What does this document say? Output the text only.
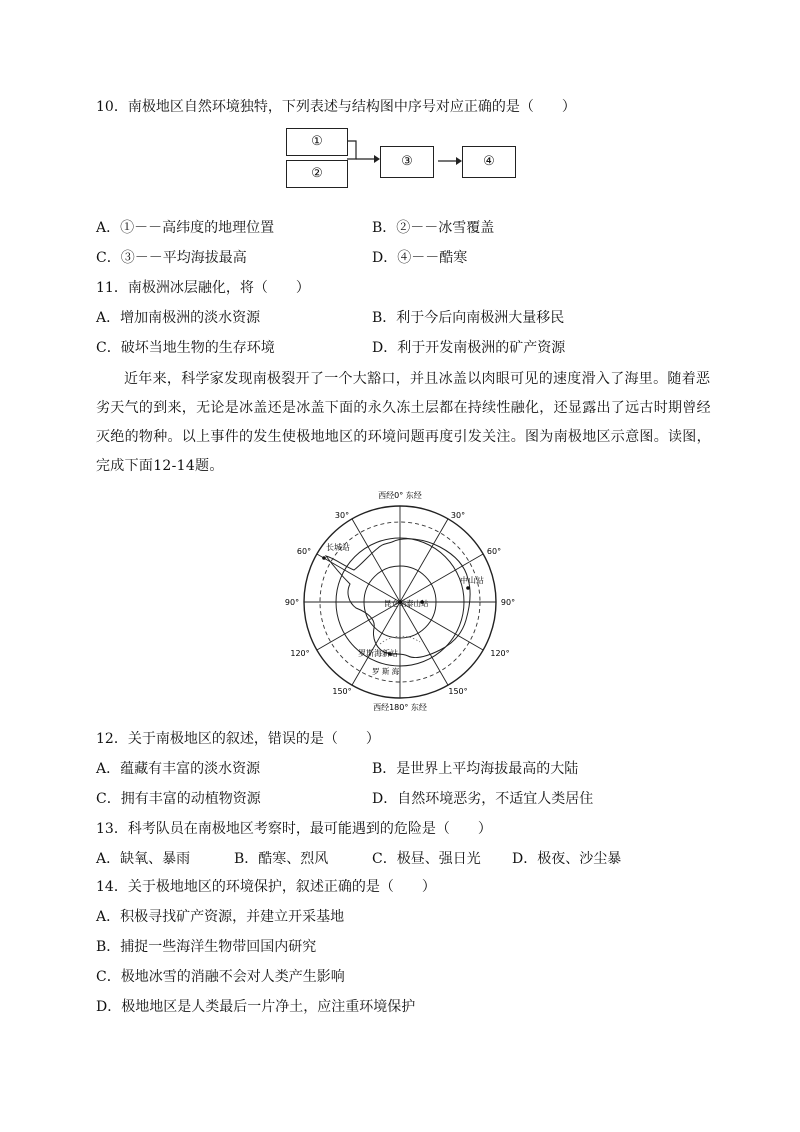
10．南极地区自然环境独特，下列表述与结构图中序号对应正确的是（　　）
①
②
③	④
A．①－－高纬度的地理位置	B．②－－冰雪覆盖
C．③－－平均海拔最高	D．④－－酷寒
11．南极洲冰层融化，将（　　）
A．增加南极洲的淡水资源	B．利于今后向南极洲大量移民
C．破坏当地生物的生存环境	D．利于开发南极洲的矿产资源
近年来，科学家发现南极裂开了一个大豁口，并且冰盖以肉眼可见的速度滑入了海里。随着恶劣天气的到来，无论是冰盖还是冰盖下面的永久冻土层都在持续性融化，还显露出了远古时期曾经灭绝的物种。以上事件的发生使极地地区的环境问题再度引发关注。图为南极地区示意图。读图，完成下面12-14题。
西经0° 东经
西经180° 东经
30°	30°
60°	60°
90°	90°
120°	120°
150°	150°
长城站
中山站
昆仑站 泰山站
罗斯海新站
罗 斯 海
12．关于南极地区的叙述，错误的是（　　）
A．蕴藏有丰富的淡水资源	B．是世界上平均海拔最高的大陆
C．拥有丰富的动植物资源	D．自然环境恶劣，不适宜人类居住
13．科考队员在南极地区考察时，最可能遇到的危险是（　　）
A．缺氧、暴雨	B．酷寒、烈风	C．极昼、强日光 D．极夜、沙尘暴
14．关于极地地区的环境保护，叙述正确的是（　　）
A．积极寻找矿产资源，并建立开采基地
B．捕捉一些海洋生物带回国内研究
C．极地冰雪的消融不会对人类产生影响
D．极地地区是人类最后一片净土，应注重环境保护
